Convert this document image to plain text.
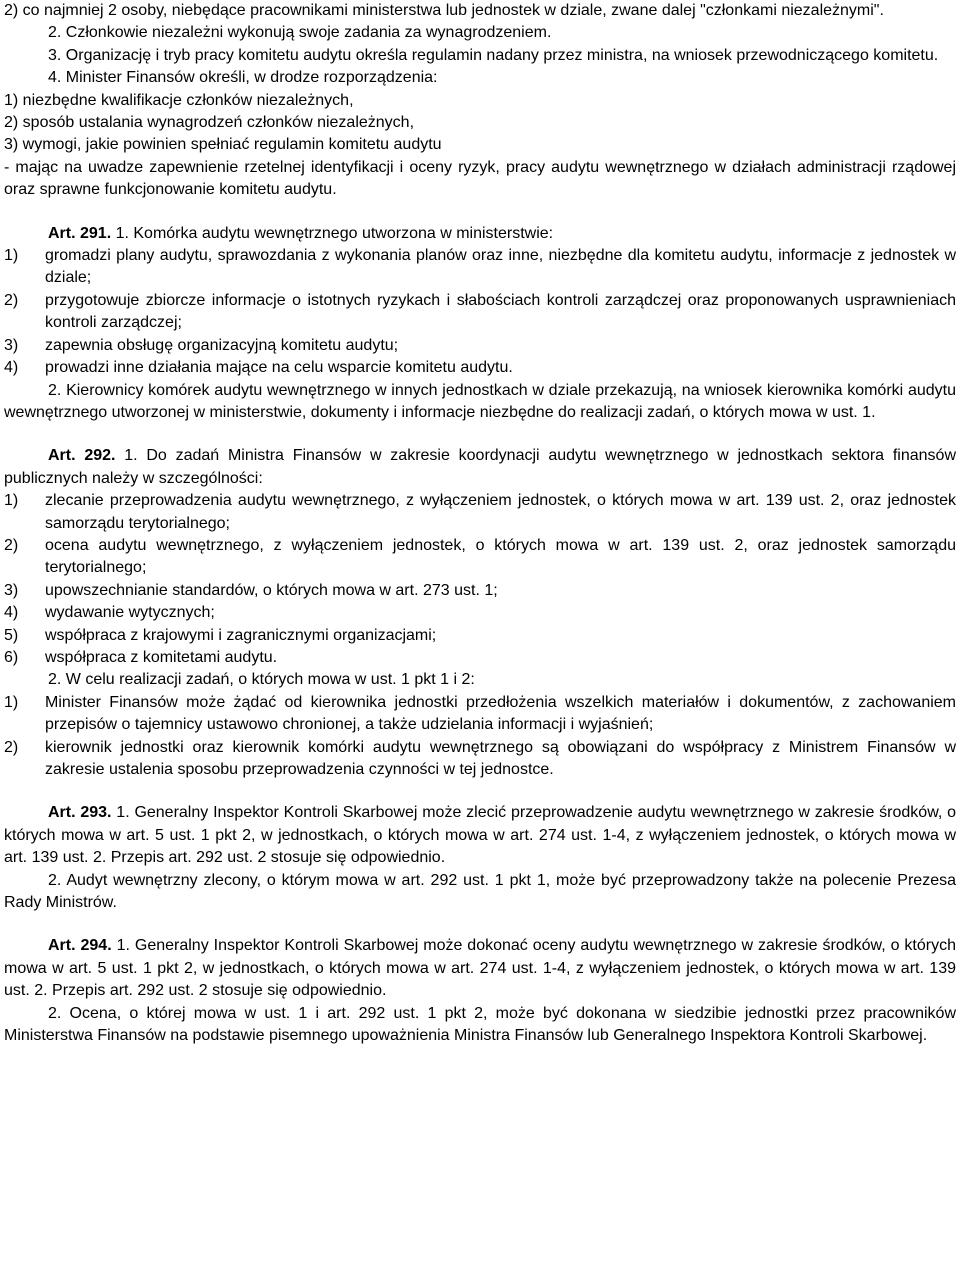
2) co najmniej 2 osoby, niebędące pracownikami ministerstwa lub jednostek w dziale, zwane dalej "członkami niezależnymi".

2. Członkowie niezależni wykonują swoje zadania za wynagrodzeniem.

3. Organizację i tryb pracy komitetu audytu określa regulamin nadany przez ministra, na wniosek przewodniczącego komitetu.

4. Minister Finansów określi, w drodze rozporządzenia:

1) niezbędne kwalifikacje członków niezależnych,

2) sposób ustalania wynagrodzeń członków niezależnych,

3) wymogi, jakie powinien spełniać regulamin komitetu audytu

- mając na uwadze zapewnienie rzetelnej identyfikacji i oceny ryzyk, pracy audytu wewnętrznego w działach administracji rządowej oraz sprawne funkcjonowanie komitetu audytu.

Art. 291. 1. Komórka audytu wewnętrznego utworzona w ministerstwie:

1) gromadzi plany audytu, sprawozdania z wykonania planów oraz inne, niezbędne dla komitetu audytu, informacje z jednostek w dziale;

2) przygotowuje zbiorcze informacje o istotnych ryzykach i słabościach kontroli zarządczej oraz proponowanych usprawnieniach kontroli zarządczej;

3) zapewnia obsługę organizacyjną komitetu audytu;

4) prowadzi inne działania mające na celu wsparcie komitetu audytu.

2. Kierownicy komórek audytu wewnętrznego w innych jednostkach w dziale przekazują, na wniosek kierownika komórki audytu wewnętrznego utworzonej w ministerstwie, dokumenty i informacje niezbędne do realizacji zadań, o których mowa w ust. 1.

Art. 292. 1. Do zadań Ministra Finansów w zakresie koordynacji audytu wewnętrznego w jednostkach sektora finansów publicznych należy w szczególności:

1) zlecanie przeprowadzenia audytu wewnętrznego, z wyłączeniem jednostek, o których mowa w art. 139 ust. 2, oraz jednostek samorządu terytorialnego;

2) ocena audytu wewnętrznego, z wyłączeniem jednostek, o których mowa w art. 139 ust. 2, oraz jednostek samorządu terytorialnego;

3) upowszechnianie standardów, o których mowa w art. 273 ust. 1;

4) wydawanie wytycznych;

5) współpraca z krajowymi i zagranicznymi organizacjami;

6) współpraca z komitetami audytu.

2. W celu realizacji zadań, o których mowa w ust. 1 pkt 1 i 2:

1) Minister Finansów może żądać od kierownika jednostki przedłożenia wszelkich materiałów i dokumentów, z zachowaniem przepisów o tajemnicy ustawowo chronionej, a także udzielania informacji i wyjaśnień;

2) kierownik jednostki oraz kierownik komórki audytu wewnętrznego są obowiązani do współpracy z Ministrem Finansów w zakresie ustalenia sposobu przeprowadzenia czynności w tej jednostce.

Art. 293. 1. Generalny Inspektor Kontroli Skarbowej może zlecić przeprowadzenie audytu wewnętrznego w zakresie środków, o których mowa w art. 5 ust. 1 pkt 2, w jednostkach, o których mowa w art. 274 ust. 1-4, z wyłączeniem jednostek, o których mowa w art. 139 ust. 2. Przepis art. 292 ust. 2 stosuje się odpowiednio.

2. Audyt wewnętrzny zlecony, o którym mowa w art. 292 ust. 1 pkt 1, może być przeprowadzony także na polecenie Prezesa Rady Ministrów.

Art. 294. 1. Generalny Inspektor Kontroli Skarbowej może dokonać oceny audytu wewnętrznego w zakresie środków, o których mowa w art. 5 ust. 1 pkt 2, w jednostkach, o których mowa w art. 274 ust. 1-4, z wyłączeniem jednostek, o których mowa w art. 139 ust. 2. Przepis art. 292 ust. 2 stosuje się odpowiednio.

2. Ocena, o której mowa w ust. 1 i art. 292 ust. 1 pkt 2, może być dokonana w siedzibie jednostki przez pracowników Ministerstwa Finansów na podstawie pisemnego upoważnienia Ministra Finansów lub Generalnego Inspektora Kontroli Skarbowej.
